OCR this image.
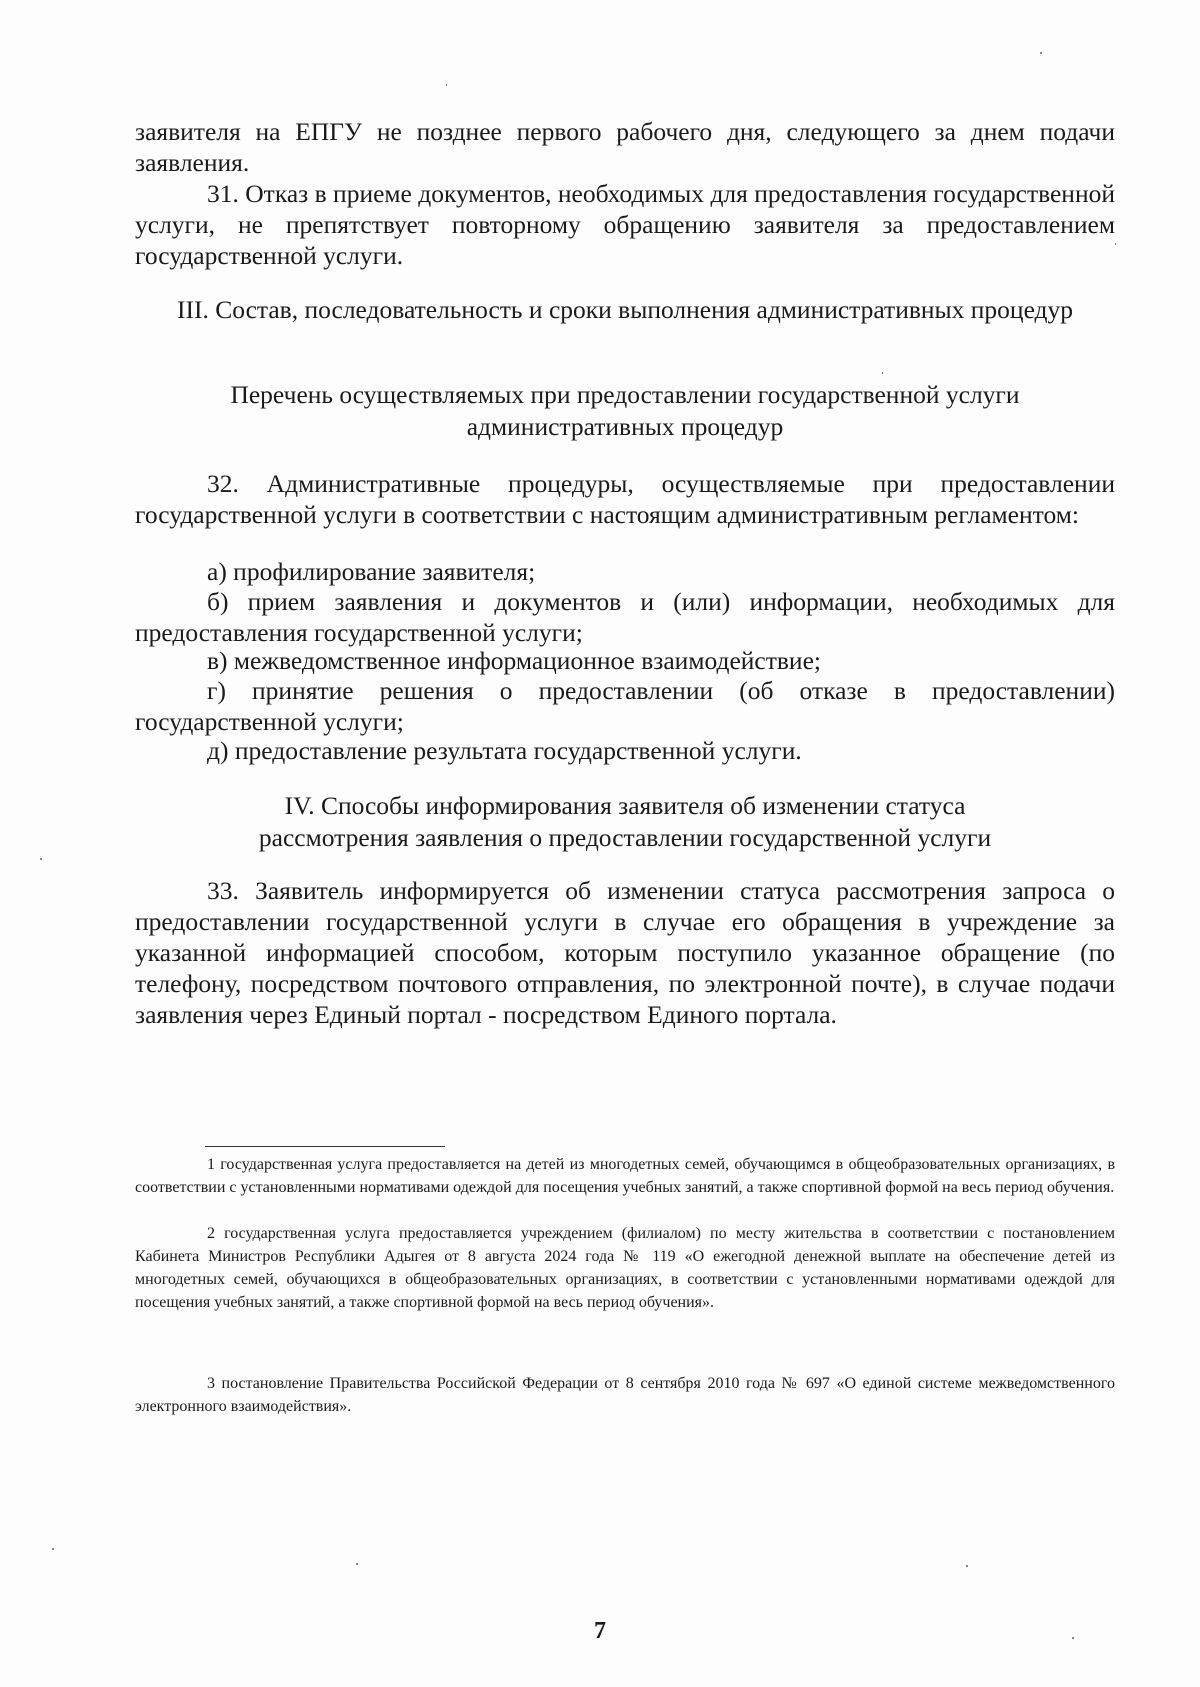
заявителя на ЕПГУ не позднее первого рабочего дня, следующего за днем подачи заявления.

31. Отказ в приеме документов, необходимых для предоставления государственной услуги, не препятствует повторному обращению заявителя за предоставлением государственной услуги.

III. Состав, последовательность и сроки выполнения административных процедур
Перечень осуществляемых при предоставлении государственной услуги административных процедур

32. Административные процедуры, осуществляемые при предоставлении государственной услуги в соответствии с настоящим административным регламентом:

а) профилирование заявителя;

б) прием заявления и документов и (или) информации, необходимых для предоставления государственной услуги;

в) межведомственное информационное взаимодействие;

г) принятие решения о предоставлении (об отказе в предоставлении) государственной услуги;

д) предоставление результата государственной услуги.

IV. Способы информирования заявителя об изменении статуса рассмотрения заявления о предоставлении государственной услуги

33. Заявитель информируется об изменении статуса рассмотрения запроса о предоставлении государственной услуги в случае его обращения в учреждение за указанной информацией способом, которым поступило указанное обращение (по телефону, посредством почтового отправления, по электронной почте), в случае подачи заявления через Единый портал - посредством Единого портала.

1 государственная услуга предоставляется на детей из многодетных семей, обучающимся в общеобразовательных организациях, в соответствии с установленными нормативами одеждой для посещения учебных занятий, а также спортивной формой на весь период обучения.

2 государственная услуга предоставляется учреждением (филиалом) по месту жительства в соответствии с постановлением Кабинета Министров Республики Адыгея от 8 августа 2024 года № 119 «О ежегодной денежной выплате на обеспечение детей из многодетных семей, обучающихся в общеобразовательных организациях, в соответствии с установленными нормативами одеждой для посещения учебных занятий, а также спортивной формой на весь период обучения».

3 постановление Правительства Российской Федерации от 8 сентября 2010 года № 697 «О единой системе межведомственного электронного взаимодействия».

7
